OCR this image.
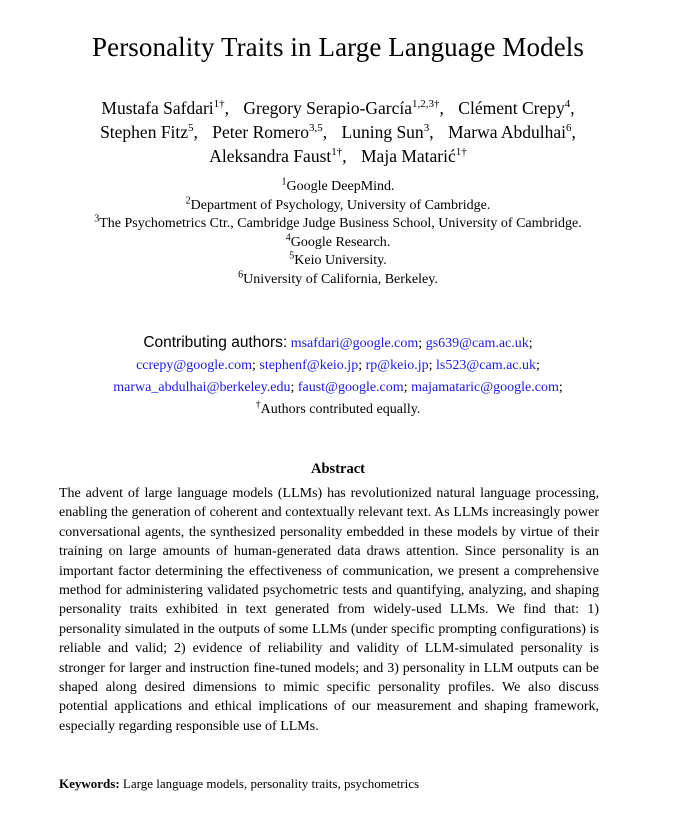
Personality Traits in Large Language Models
Mustafa Safdari$^{1\dagger}$, Gregory Serapio-García$^{1,2,3\dagger}$, Clément Crepy$^4$,
Stephen Fitz$^5$, Peter Romero$^{3,5}$, Luning Sun$^3$, Marwa Abdulhai$^6$,
Aleksandra Faust$^{1\dagger}$, Maja Matarić$^{1\dagger}$
$^1$Google DeepMind.
$^2$Department of Psychology, University of Cambridge.
$^3$The Psychometrics Ctr., Cambridge Judge Business School, University of Cambridge.
$^4$Google Research.
$^5$Keio University.
$^6$University of California, Berkeley.
Contributing authors: msafdari@google.com; gs639@cam.ac.uk;
ccrepy@google.com; stephenf@keio.jp; rp@keio.jp; ls523@cam.ac.uk;
marwa_abdulhai@berkeley.edu; faust@google.com; majamataric@google.com;
†Authors contributed equally.
Abstract

The advent of large language models (LLMs) has revolutionized natural language processing, enabling the generation of coherent and contextually relevant text. As LLMs increasingly power conversational agents, the synthesized personality embedded in these models by virtue of their training on large amounts of human-generated data draws attention. Since personality is an important factor determining the effectiveness of communication, we present a comprehensive method for administering validated psychometric tests and quantifying, analyzing, and shaping personality traits exhibited in text generated from widely-used LLMs. We find that: 1) personality simulated in the outputs of some LLMs (under specific prompting configurations) is reliable and valid; 2) evidence of reliability and validity of LLM-simulated personality is stronger for larger and instruction fine-tuned models; and 3) personality in LLM outputs can be shaped along desired dimensions to mimic specific personality profiles. We also discuss potential applications and ethical implications of our measurement and shaping framework, especially regarding responsible use of LLMs.

Keywords: Large language models, personality traits, psychometrics
